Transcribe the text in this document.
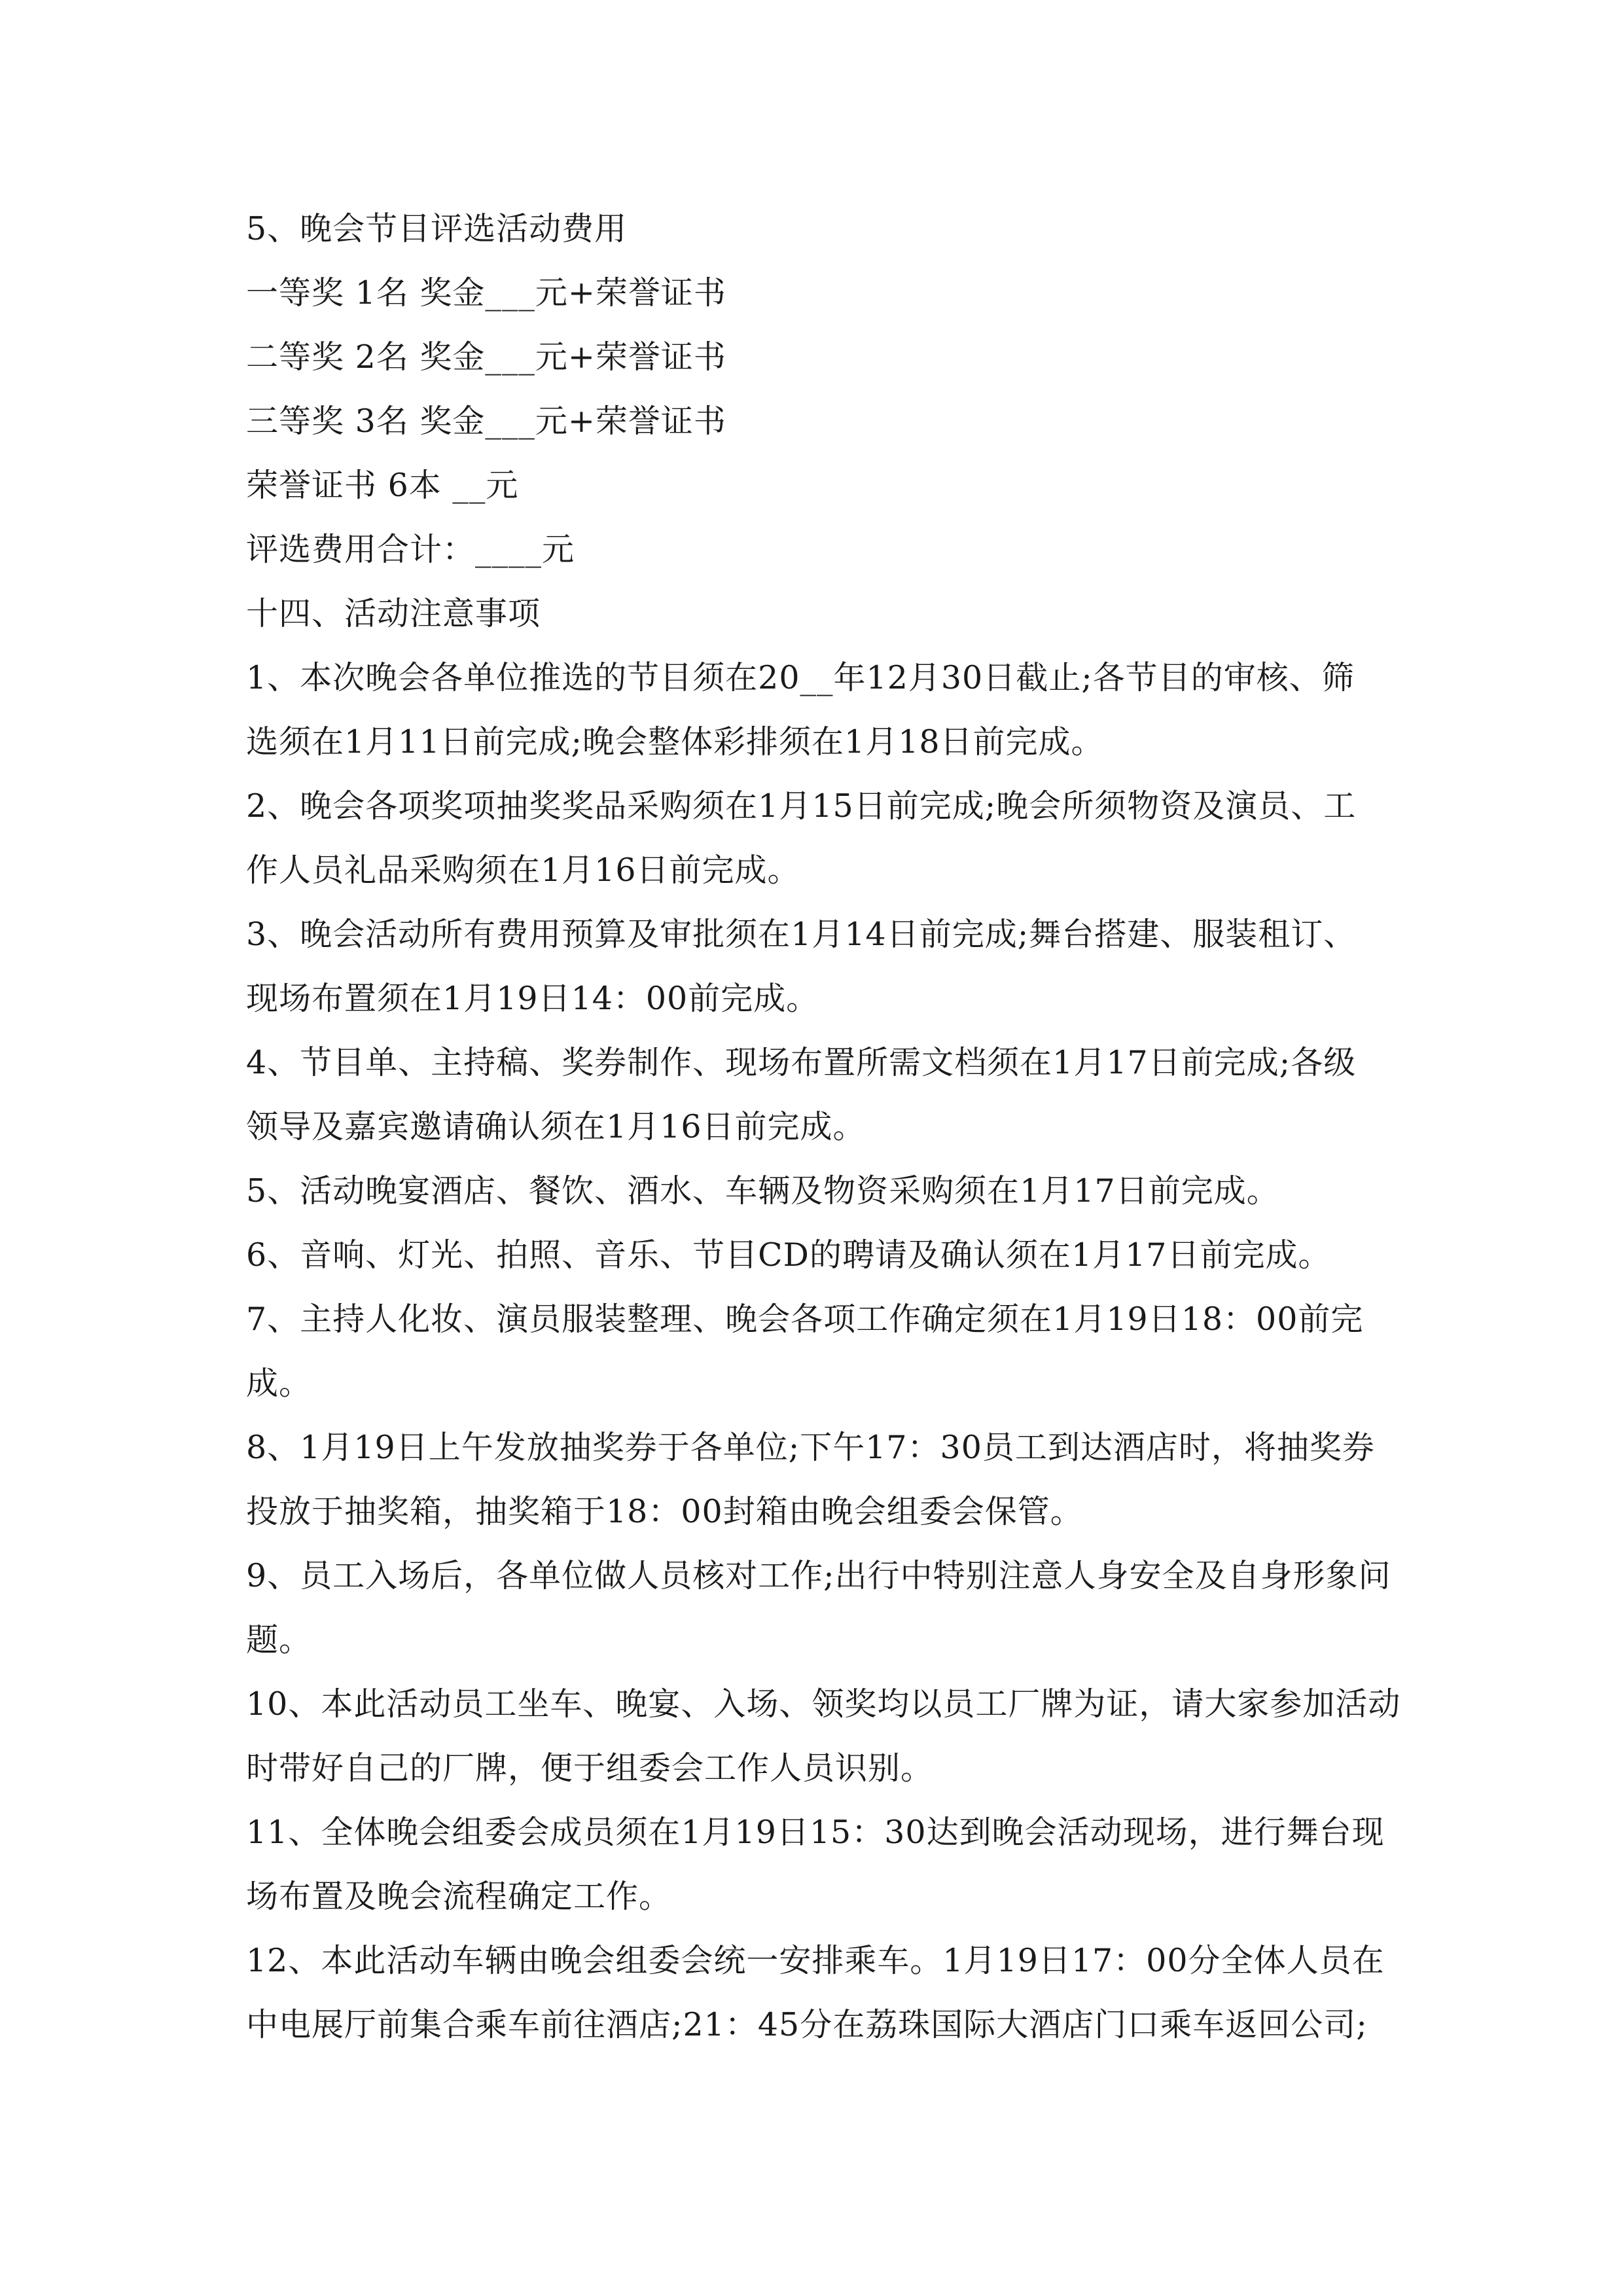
5、晚会节目评选活动费用
一等奖 1名 奖金___元+荣誉证书
二等奖 2名 奖金___元+荣誉证书
三等奖 3名 奖金___元+荣誉证书
荣誉证书 6本 __元
评选费用合计：____元
十四、活动注意事项
1、本次晚会各单位推选的节目须在20__年12月30日截止;各节目的审核、筛
选须在1月11日前完成;晚会整体彩排须在1月18日前完成。
2、晚会各项奖项抽奖奖品采购须在1月15日前完成;晚会所须物资及演员、工
作人员礼品采购须在1月16日前完成。
3、晚会活动所有费用预算及审批须在1月14日前完成;舞台搭建、服装租订、
现场布置须在1月19日14：00前完成。
4、节目单、主持稿、奖券制作、现场布置所需文档须在1月17日前完成;各级
领导及嘉宾邀请确认须在1月16日前完成。
5、活动晚宴酒店、餐饮、酒水、车辆及物资采购须在1月17日前完成。
6、音响、灯光、拍照、音乐、节目CD的聘请及确认须在1月17日前完成。
7、主持人化妆、演员服装整理、晚会各项工作确定须在1月19日18：00前完
成。
8、1月19日上午发放抽奖券于各单位;下午17：30员工到达酒店时，将抽奖券
投放于抽奖箱，抽奖箱于18：00封箱由晚会组委会保管。
9、员工入场后，各单位做人员核对工作;出行中特别注意人身安全及自身形象问
题。
10、本此活动员工坐车、晚宴、入场、领奖均以员工厂牌为证，请大家参加活动
时带好自己的厂牌，便于组委会工作人员识别。
11、全体晚会组委会成员须在1月19日15：30达到晚会活动现场，进行舞台现
场布置及晚会流程确定工作。
12、本此活动车辆由晚会组委会统一安排乘车。1月19日17：00分全体人员在
中电展厅前集合乘车前往酒店;21：45分在荔珠国际大酒店门口乘车返回公司;
